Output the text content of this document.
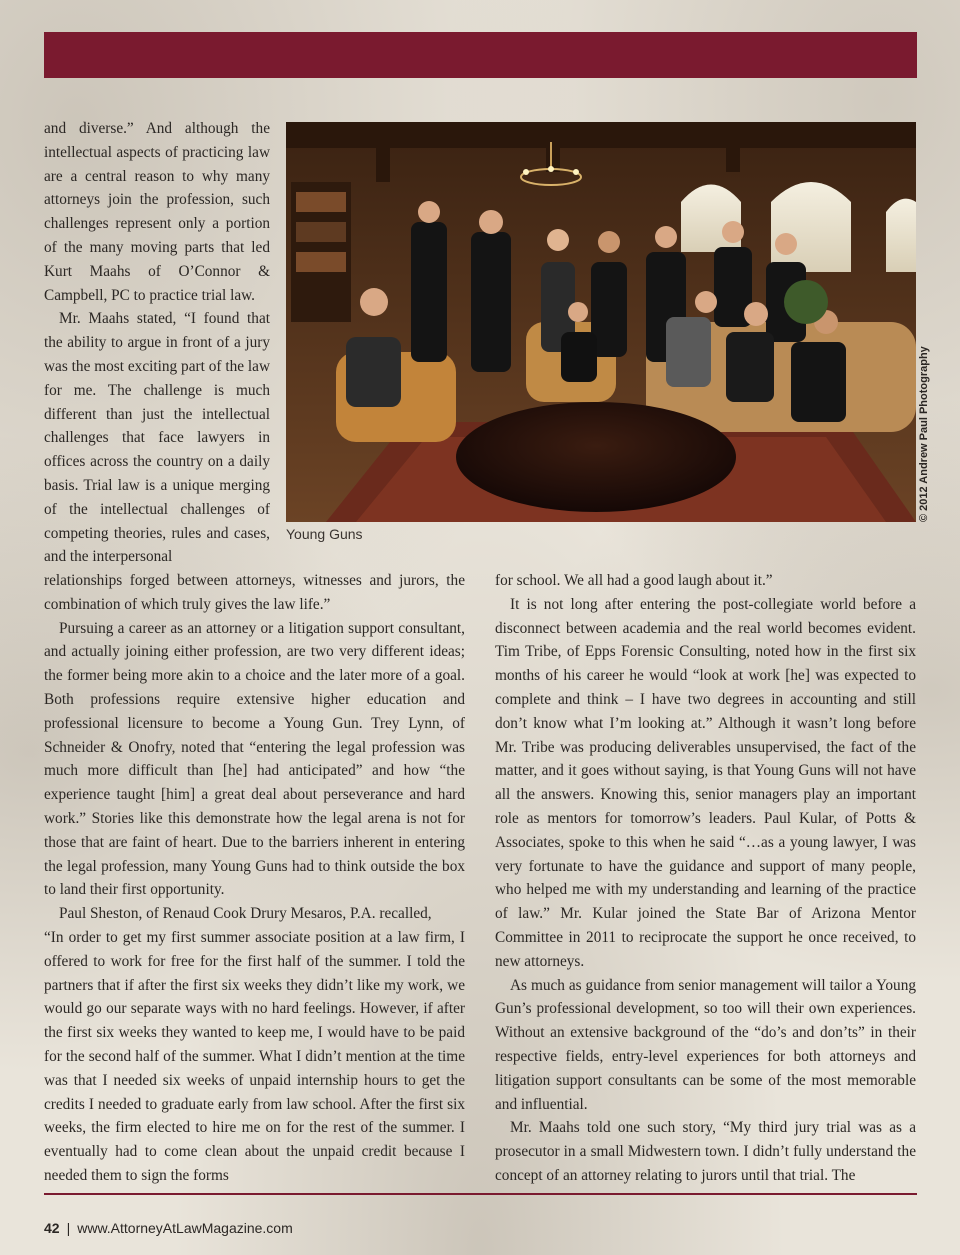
and diverse.” And although the intellectual aspects of practicing law are a central reason to why many attorneys join the profession, such challenges represent only a portion of the many moving parts that led Kurt Maahs of O’Connor & Campbell, PC to practice trial law.

Mr. Maahs stated, “I found that the ability to argue in front of a jury was the most exciting part of the law for me. The challenge is much different than just the intellectual challenges that face lawyers in offices across the country on a daily basis. Trial law is a unique merging of the intellectual challenges of competing theories, rules and cases, and the interpersonal

Young Guns
© 2012 Andrew Paul Photography

relationships forged between attorneys, witnesses and jurors, the combination of which truly gives the law life.”

Pursuing a career as an attorney or a litigation support consultant, and actually joining either profession, are two very different ideas; the former being more akin to a choice and the later more of a goal. Both professions require extensive higher education and professional licensure to become a Young Gun. Trey Lynn, of Schneider & Onofry, noted that “entering the legal profession was much more difficult than [he] had anticipated” and how “the experience taught [him] a great deal about perseverance and hard work.” Stories like this demonstrate how the legal arena is not for those that are faint of heart. Due to the barriers inherent in entering the legal profession, many Young Guns had to think outside the box to land their first opportunity.

Paul Sheston, of Renaud Cook Drury Mesaros, P.A. recalled,

“In order to get my first summer associate position at a law firm, I offered to work for free for the first half of the summer. I told the partners that if after the first six weeks they didn’t like my work, we would go our separate ways with no hard feelings. However, if after the first six weeks they wanted to keep me, I would have to be paid for the second half of the summer. What I didn’t mention at the time was that I needed six weeks of unpaid internship hours to get the credits I needed to graduate early from law school. After the first six weeks, the firm elected to hire me on for the rest of the summer. I eventually had to come clean about the unpaid credit because I needed them to sign the forms

for school. We all had a good laugh about it.”

It is not long after entering the post-collegiate world before a disconnect between academia and the real world becomes evident. Tim Tribe, of Epps Forensic Consulting, noted how in the first six months of his career he would “look at work [he] was expected to complete and think – I have two degrees in accounting and still don’t know what I’m looking at.” Although it wasn’t long before Mr. Tribe was producing deliverables unsupervised, the fact of the matter, and it goes without saying, is that Young Guns will not have all the answers. Knowing this, senior managers play an important role as mentors for tomorrow’s leaders. Paul Kular, of Potts & Associates, spoke to this when he said “…as a young lawyer, I was very fortunate to have the guidance and support of many people, who helped me with my understanding and learning of the practice of law.” Mr. Kular joined the State Bar of Arizona Mentor Committee in 2011 to reciprocate the support he once received, to new attorneys.

As much as guidance from senior management will tailor a Young Gun’s professional development, so too will their own experiences. Without an extensive background of the “do’s and don’ts” in their respective fields, entry-level experiences for both attorneys and litigation support consultants can be some of the most memorable and influential.

Mr. Maahs told one such story, “My third jury trial was as a prosecutor in a small Midwestern town. I didn’t fully understand the concept of an attorney relating to jurors until that trial. The

42 | www.AttorneyAtLawMagazine.com
